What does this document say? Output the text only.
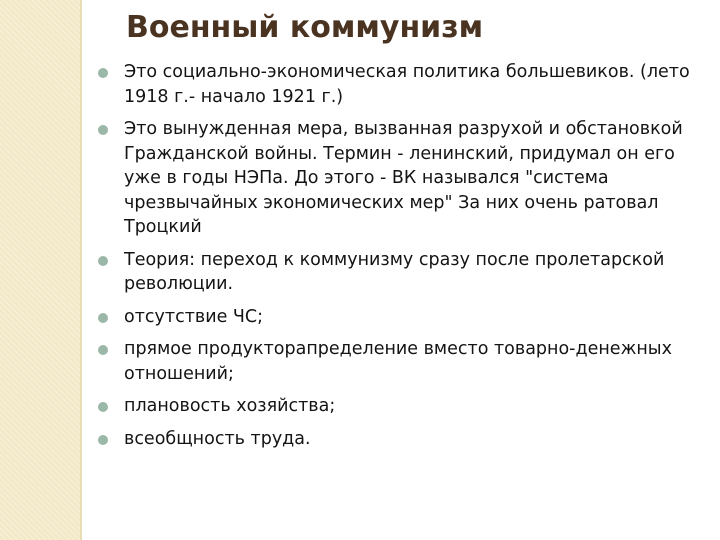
Военный коммунизм
Это социально-экономическая политика большевиков. (лето 1918 г.- начало 1921 г.)
Это вынужденная мера, вызванная разрухой и обстановкой Гражданской войны. Термин - ленинский, придумал он его уже в годы НЭПа. До этого - ВК назывался "система чрезвычайных экономических мер" За них очень ратовал Троцкий
Теория: переход к коммунизму сразу после пролетарской революции.
отсутствие ЧС;
прямое продукторапределение вместо товарно-денежных отношений;
плановость хозяйства;
всеобщность труда.
